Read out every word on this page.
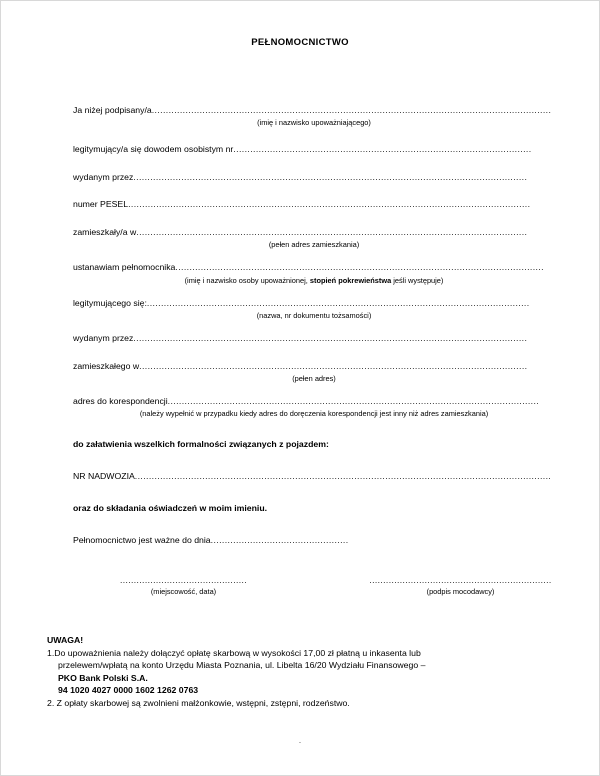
PEŁNOMOCNICTWO
Ja niżej podpisany/a ..............................................................................................................................................
(imię i nazwisko upoważniającego)
legitymujący/a się dowodem osobistym nr ..........................................................................................................
wydanym przez ............................................................................................................................................
numer PESEL ...............................................................................................................................................
zamieszkały/a w ...........................................................................................................................................
(pełen adres zamieszkania)
ustanawiam pełnomocnika ...................................................................................................................................
(imię i nazwisko osoby upoważnionej, stopień pokrewieństwa jeśli występuje)
legitymującego się: ........................................................................................................................................
(nazwa, nr dokumentu tożsamości)
wydanym przez ............................................................................................................................................
zamieszkałego w ..........................................................................................................................................
(pełen adres)
adres do korespondencji ....................................................................................................................................
(należy wypełnić w przypadku kiedy adres do doręczenia korespondencji jest inny niż adres zamieszkania)
do załatwienia wszelkich formalności związanych z pojazdem:
NR NADWOZIA ....................................................................................................................................................
oraz do składania oświadczeń w moim imieniu.
Pełnomocnictwo jest ważne do dnia .................................................
..............................................
(miejscowość, data)
..................................................................
(podpis mocodawcy)
UWAGA!
1.Do upoważnienia należy dołączyć opłatę skarbową w wysokości 17,00 zł płatną u inkasenta lub
przelewem/wpłatą na konto Urzędu Miasta Poznania, ul. Libelta 16/20 Wydziału Finansowego –
PKO Bank Polski S.A.
94 1020 4027 0000 1602 1262 0763
2. Z opłaty skarbowej są zwolnieni małżonkowie, wstępni, zstępni, rodzeństwo.
.
